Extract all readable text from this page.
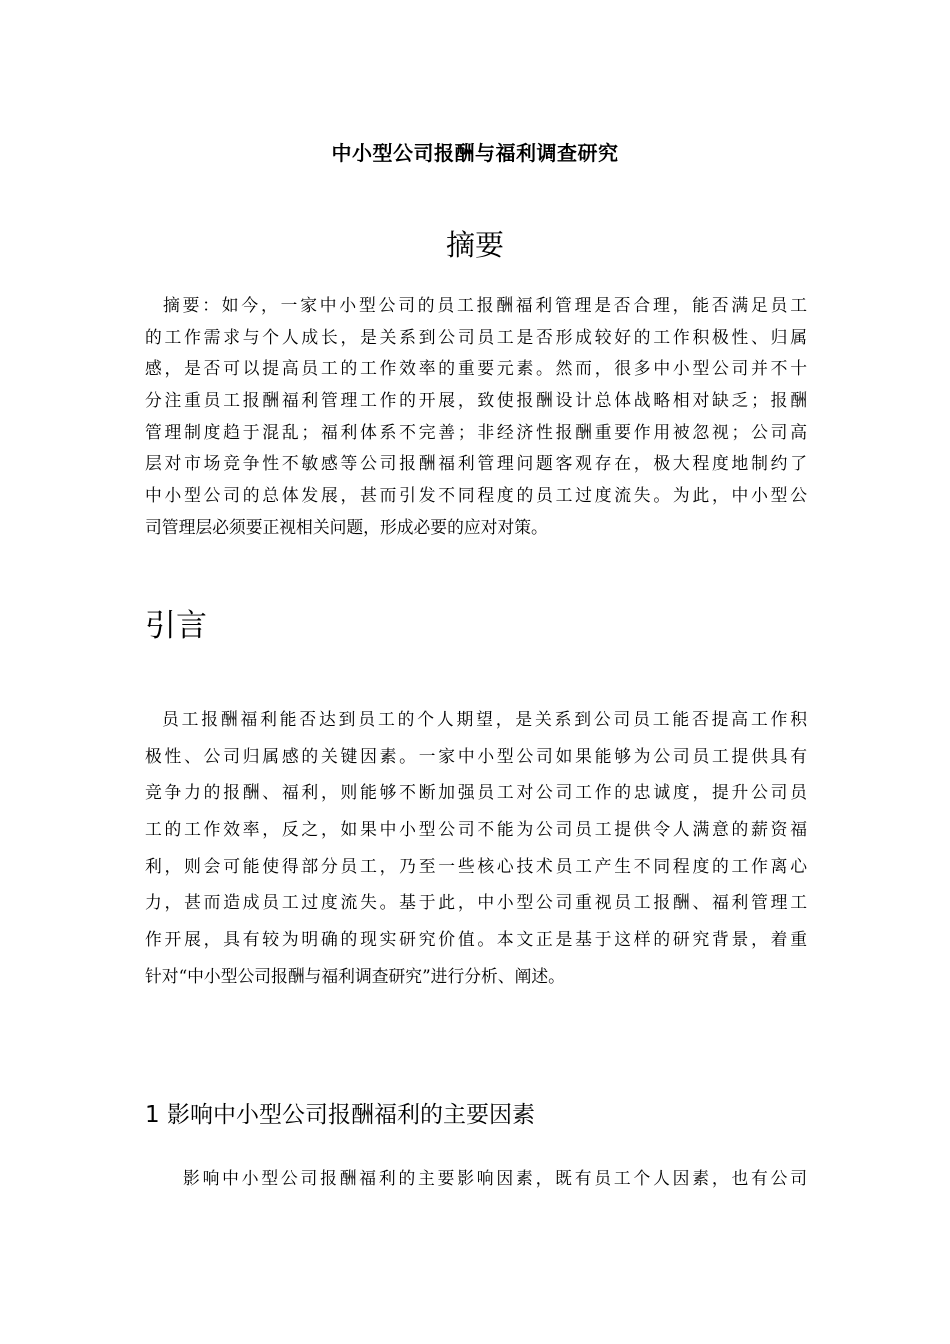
中小型公司报酬与福利调查研究
摘要
摘要：如今，一家中小型公司的员工报酬福利管理是否合理，能否满足员工
的工作需求与个人成长，是关系到公司员工是否形成较好的工作积极性、归属
感，是否可以提高员工的工作效率的重要元素。然而，很多中小型公司并不十
分注重员工报酬福利管理工作的开展，致使报酬设计总体战略相对缺乏；报酬
管理制度趋于混乱；福利体系不完善；非经济性报酬重要作用被忽视；公司高
层对市场竞争性不敏感等公司报酬福利管理问题客观存在，极大程度地制约了
中小型公司的总体发展，甚而引发不同程度的员工过度流失。为此，中小型公
司管理层必须要正视相关问题，形成必要的应对对策。
引言
员工报酬福利能否达到员工的个人期望，是关系到公司员工能否提高工作积
极性、公司归属感的关键因素。一家中小型公司如果能够为公司员工提供具有
竞争力的报酬、福利，则能够不断加强员工对公司工作的忠诚度，提升公司员
工的工作效率，反之，如果中小型公司不能为公司员工提供令人满意的薪资福
利，则会可能使得部分员工，乃至一些核心技术员工产生不同程度的工作离心
力，甚而造成员工过度流失。基于此，中小型公司重视员工报酬、福利管理工
作开展，具有较为明确的现实研究价值。本文正是基于这样的研究背景，着重
针对“中小型公司报酬与福利调查研究”进行分析、阐述。
1 影响中小型公司报酬福利的主要因素
影响中小型公司报酬福利的主要影响因素，既有员工个人因素，也有公司
